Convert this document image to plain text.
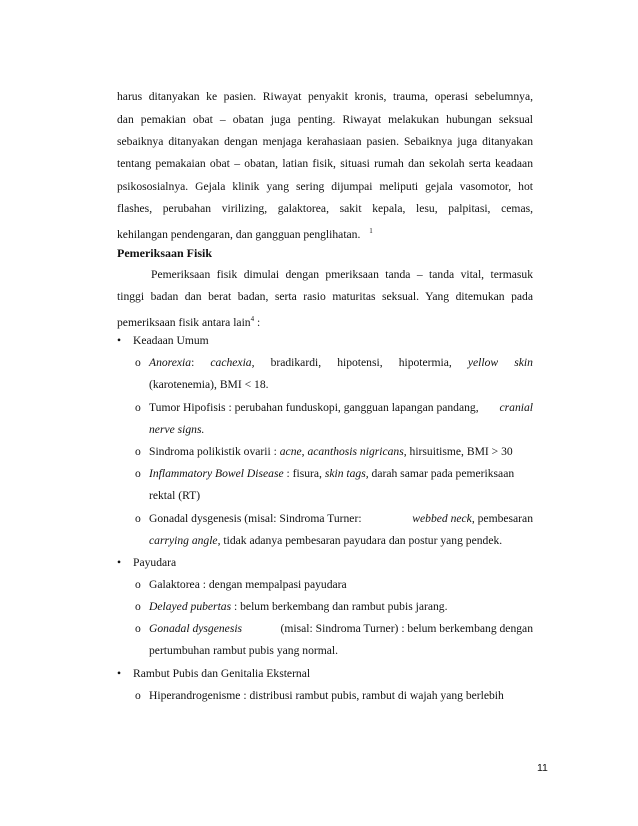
harus ditanyakan ke pasien. Riwayat penyakit kronis, trauma, operasi sebelumnya,
dan pemakian obat – obatan juga penting. Riwayat melakukan hubungan seksual
sebaiknya ditanyakan dengan menjaga kerahasiaan pasien. Sebaiknya juga ditanyakan
tentang pemakaian obat – obatan, latian fisik, situasi rumah dan sekolah serta keadaan
psikososialnya. Gejala klinik yang sering dijumpai meliputi gejala vasomotor, hot
flashes, perubahan virilizing, galaktorea, sakit kepala, lesu, palpitasi, cemas,
kehilangan pendengaran, dan gangguan penglihatan. $^1$
Pemeriksaan Fisik
Pemeriksaan fisik dimulai dengan pmeriksaan tanda – tanda vital, termasuk
tinggi badan dan berat badan, serta rasio maturitas seksual. Yang ditemukan pada
pemeriksaan fisik antara lain$^4$ :
• Keadaan Umum
o Anorexia: cachexia, bradikardi, hipotensi, hipotermia, yellow skin
(karotenemia), BMI < 18.
o Tumor Hipofisis : perubahan funduskopi, gangguan lapangan pandang, cranial
nerve signs.
o Sindroma polikistik ovarii : acne, acanthosis nigricans, hirsuitisme, BMI > 30
o Inflammatory Bowel Disease : fisura, skin tags, darah samar pada pemeriksaan
rektal (RT)
o Gonadal dysgenesis (misal: Sindroma Turner:	webbed neck, pembesaran
carrying angle, tidak adanya pembesaran payudara dan postur yang pendek.
• Payudara
o Galaktorea : dengan mempalpasi payudara
o Delayed pubertas : belum berkembang dan rambut pubis jarang.
o Gonadal dysgenesis	(misal: Sindroma Turner) : belum berkembang dengan
pertumbuhan rambut pubis yang normal.
• Rambut Pubis dan Genitalia Eksternal
o Hiperandrogenisme : distribusi rambut pubis, rambut di wajah yang berlebih
11
